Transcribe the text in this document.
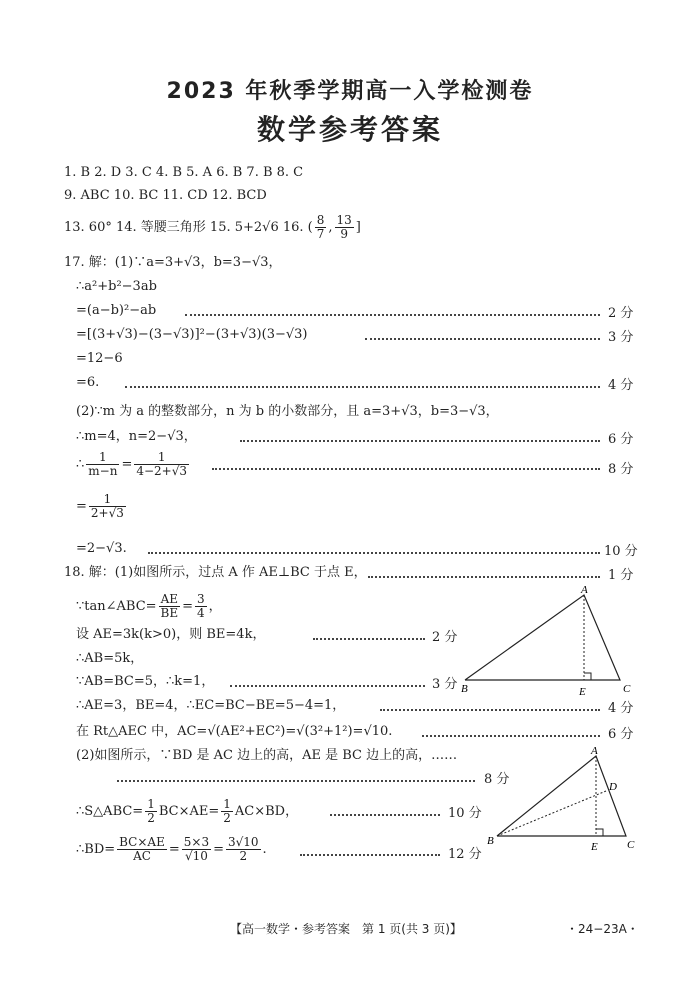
2023 年秋季学期高一入学检测卷
数学参考答案
1. B 2. D 3. C 4. B 5. A 6. B 7. B 8. C
9. ABC 10. BC 11. CD 12. BCD
13. 60° 14. 等腰三角形 15. 5+2√6 16. ( $\frac{8}{7}$ , $\frac{13}{9}$ ]
17. 解：(1)∵a=3+√3，b=3−√3，
∴a²+b²−3ab
=(a−b)²−ab	2 分
=[(3+√3)−(3−√3)]²−(3+√3)(3−√3)	3 分
=12−6
=6.	4 分
(2)∵m 为 a 的整数部分，n 为 b 的小数部分，且 a=3+√3，b=3−√3，
∴m=4，n=2−√3，	6 分
∴ $\frac{1}{m-n} = \frac{1}{4-2+√3}$	8 分
= $\frac{1}{2+√3}$
=2−√3.	10 分
18. 解：(1)如图所示，过点 A 作 AE⊥BC 于点 E，	1 分
∵tan∠ABC= $\frac{AE}{BE} = \frac{3}{4}$ ，
设 AE=3k(k>0)，则 BE=4k，	2 分
∴AB=5k，
∵AB=BC=5，∴k=1，	3 分
∴AE=3，BE=4，∴EC=BC−BE=5−4=1，	4 分
在 Rt△AEC 中，AC=√(AE²+EC²)=√(3²+1²)=√10.	6 分
(2)如图所示，∵BD 是 AC 边上的高，AE 是 BC 边上的高，……
8 分
∴S△ABC= $\frac{1}{2} BC\times AE= \frac{1}{2} AC\times BD$，	10 分
∴BD= $\frac{BC\times AE}{AC} = \frac{5\times 3}{√10} = \frac{3√10}{2}$ .	12 分
A
B	E	C
A
B	E	C
D
【高一数学・参考答案　第 1 页(共 3 页)】	・24−23A・
